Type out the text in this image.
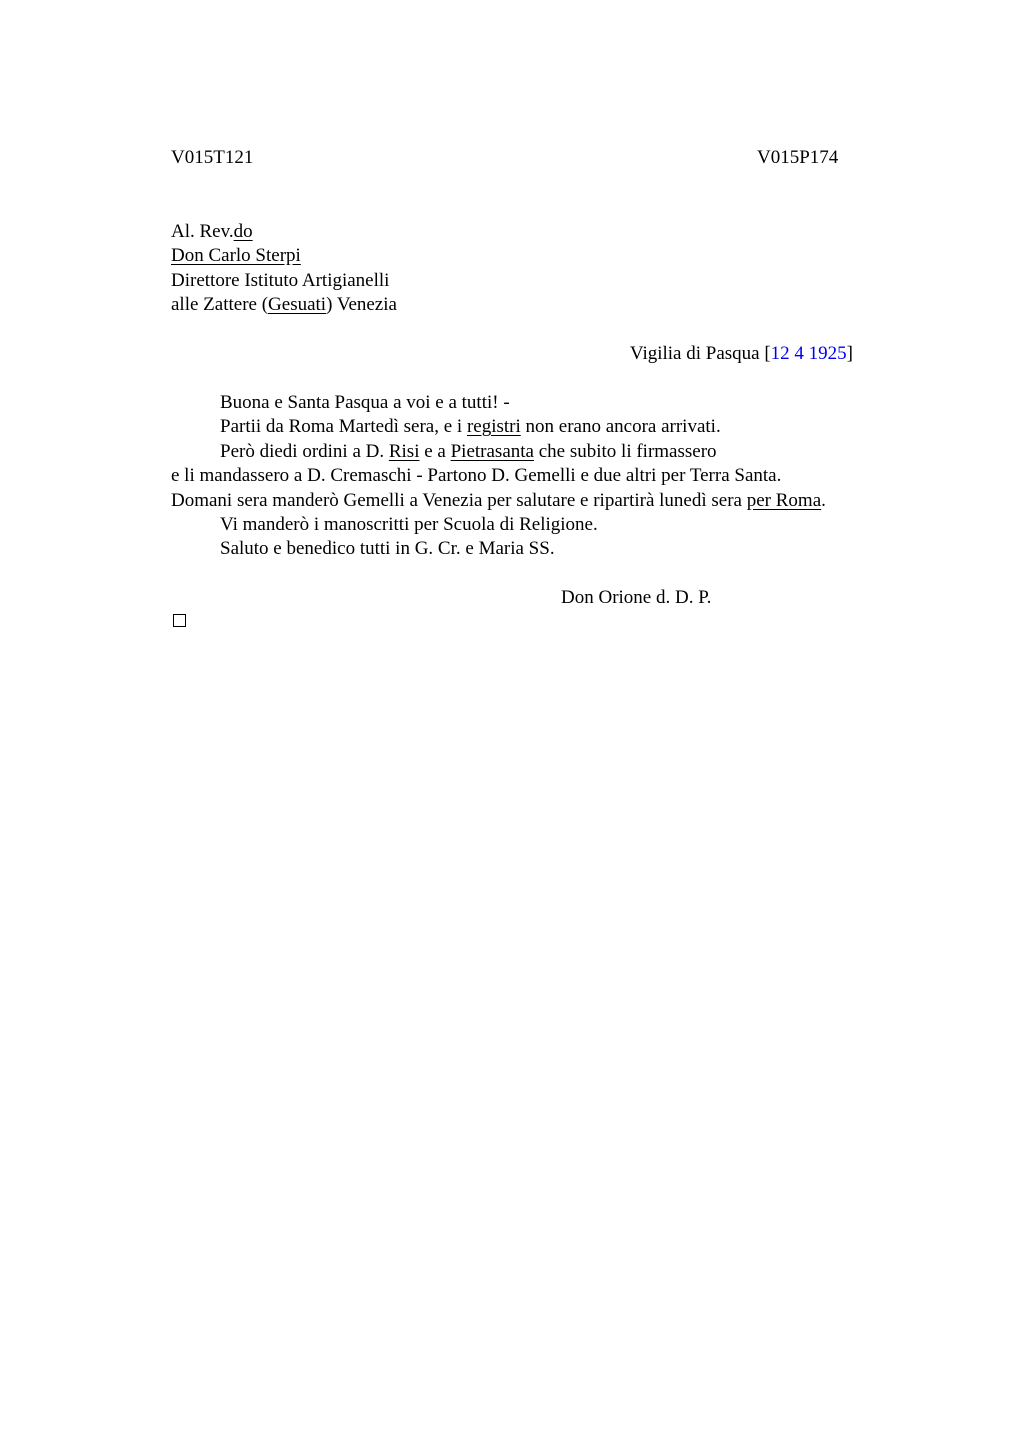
V015T121	V015P174
Al. Rev.do
Don Carlo Sterpi
Direttore Istituto Artigianelli
alle Zattere (Gesuati) Venezia
Vigilia di Pasqua [12 4 1925]
Buona e Santa Pasqua a voi e a tutti! -
Partii da Roma Martedì sera, e i registri non erano ancora arrivati.
Però diedi ordini a D. Risi e a Pietrasanta che subito li firmassero
e li mandassero a D. Cremaschi - Partono D. Gemelli e due altri per Terra Santa.
Domani sera manderò Gemelli a Venezia per salutare e ripartirà lunedì sera per Roma.
Vi manderò i manoscritti per Scuola di Religione.
Saluto e benedico tutti in G. Cr. e Maria SS.
Don Orione d. D. P.
